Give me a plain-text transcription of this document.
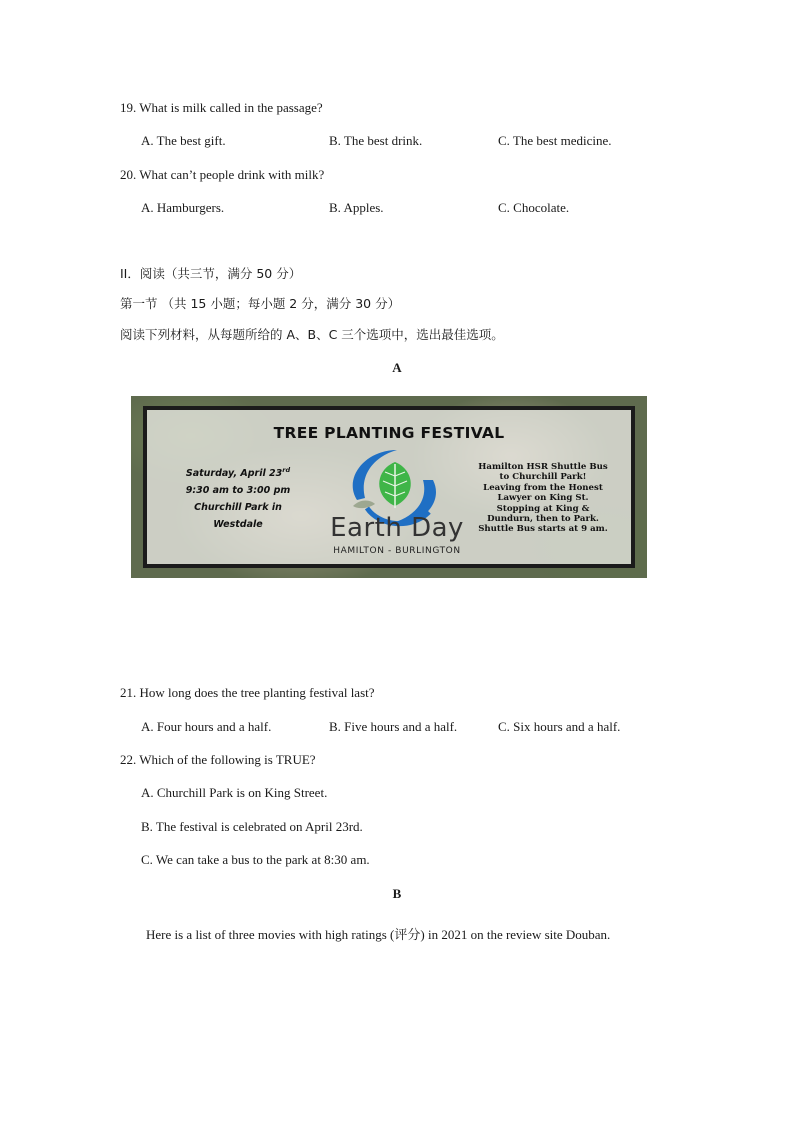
19. What is milk called in the passage?
A. The best gift.	B. The best drink.	C. The best medicine.
20. What can’t people drink with milk?
A. Hamburgers.	B. Apples.	C. Chocolate.
II．阅读（共三节，满分 50 分）
第一节 （共 15 小题；每小题 2 分，满分 30 分）
阅读下列材料，从每题所给的 A、B、C 三个选项中，选出最佳选项。
A
TREE PLANTING FESTIVAL
Saturday, April 23rd
9:30 am to 3:00 pm
Churchill Park in
Westdale	Earth Day
HAMILTON - BURLINGTON
Hamilton HSR Shuttle Bus
to Churchill Park!
Leaving from the Honest
Lawyer on King St.
Stopping at King &
Dundurn, then to Park.
Shuttle Bus starts at 9 am.
21. How long does the tree planting festival last?
A. Four hours and a half.	B. Five hours and a half.	C. Six hours and a half.
22. Which of the following is TRUE?
A. Churchill Park is on King Street.
B. The festival is celebrated on April 23rd.
C. We can take a bus to the park at 8:30 am.
B
Here is a list of three movies with high ratings (评分) in 2021 on the review site Douban.
